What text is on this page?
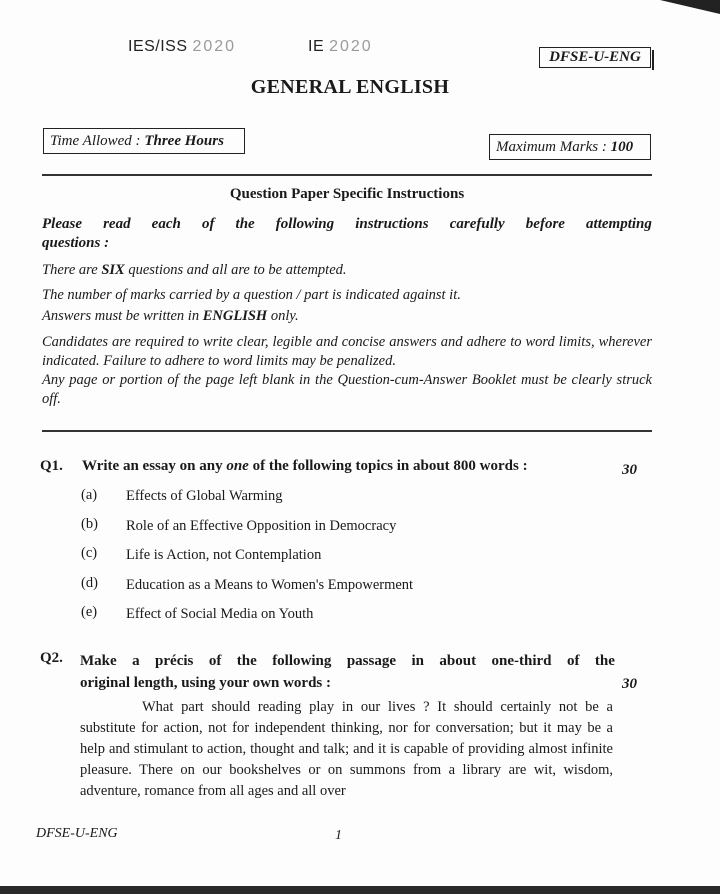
IES/ISS 2020	IE 2020
DFSE-U-ENG
GENERAL ENGLISH
Time Allowed : Three Hours	Maximum Marks : 100
Question Paper Specific Instructions
Please read each of the following instructions carefully before attempting
questions :
There are SIX questions and all are to be attempted.
The number of marks carried by a question / part is indicated against it.
Answers must be written in ENGLISH only.
Candidates are required to write clear, legible and concise answers and adhere to word limits, wherever indicated. Failure to adhere to word limits may be penalized.
Any page or portion of the page left blank in the Question-cum-Answer Booklet must be clearly struck off.
Q1. Write an essay on any one of the following topics in about 800 words :	30
(a) Effects of Global Warming
(b) Role of an Effective Opposition in Democracy
(c) Life is Action, not Contemplation
(d) Education as a Means to Women's Empowerment
(e) Effect of Social Media on Youth
Q2. Make a précis of the following passage in about one-third of the
original length, using your own words :	30
What part should reading play in our lives ? It should certainly not be a substitute for action, not for independent thinking, nor for conversation; but it may be a help and stimulant to action, thought and talk; and it is capable of providing almost infinite pleasure. There on our bookshelves or on summons from a library are wit, wisdom, adventure, romance from all ages and all over
DFSE-U-ENG	1
